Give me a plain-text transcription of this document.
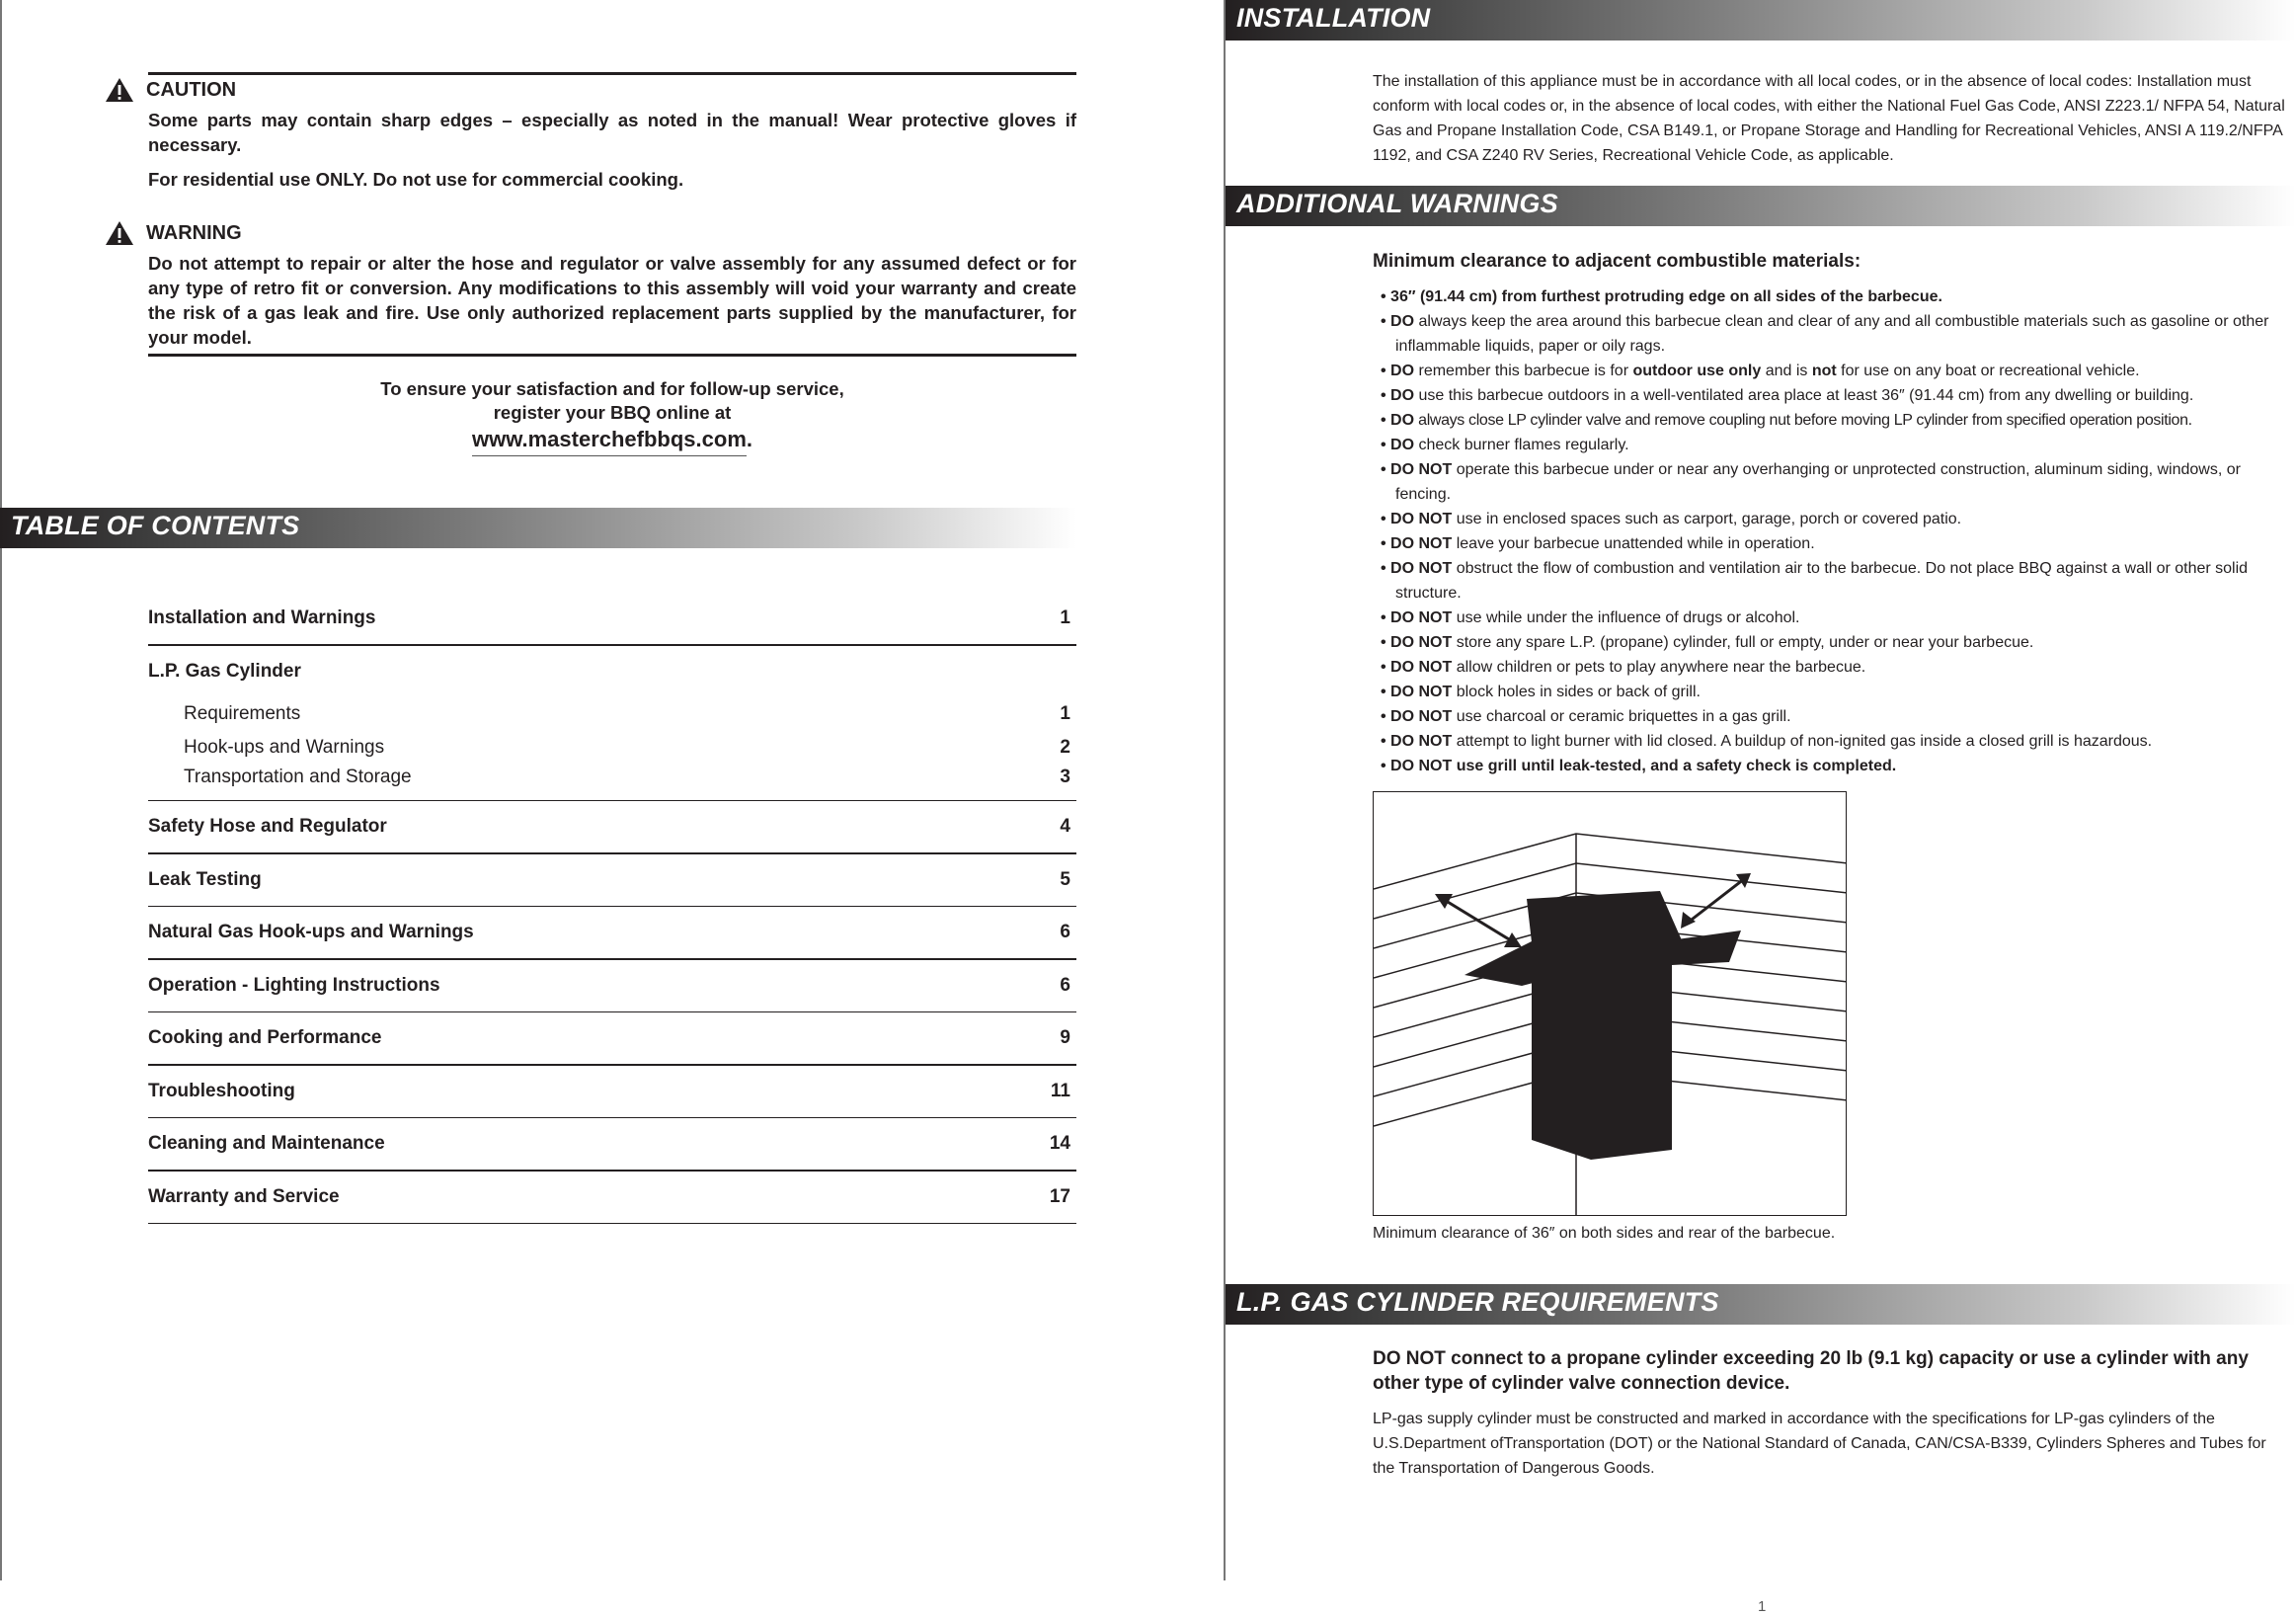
CAUTION
Some parts may contain sharp edges – especially as noted in the manual! Wear protective gloves if necessary.
For residential use ONLY. Do not use for commercial cooking.
WARNING
Do not attempt to repair or alter the hose and regulator or valve assembly for any assumed defect or for any type of retro fit or conversion. Any modifications to this assembly will void your warranty and create the risk of a gas leak and fire. Use only authorized replacement parts supplied by the manufacturer, for your model.
To ensure your satisfaction and for follow-up service,
register your BBQ online at
www.masterchefbbqs.com.
TABLE OF CONTENTS
Installation and Warnings	1
L.P. Gas Cylinder
Requirements	1
Hook-ups and Warnings	2
Transportation and Storage	3
Safety Hose and Regulator	4
Leak Testing	5
Natural Gas Hook-ups and Warnings	6
Operation - Lighting Instructions	6
Cooking and Performance	9
Troubleshooting	11
Cleaning and Maintenance	14
Warranty and Service	17
INSTALLATION
The installation of this appliance must be in accordance with all local codes, or in the absence of local codes: Installation must conform with local codes or, in the absence of local codes, with either the National Fuel Gas Code, ANSI Z223.1/ NFPA 54, Natural Gas and Propane Installation Code, CSA B149.1, or Propane Storage and Handling for Recreational Vehicles, ANSI A 119.2/NFPA 1192, and CSA Z240 RV Series, Recreational Vehicle Code, as applicable.
ADDITIONAL WARNINGS
Minimum clearance to adjacent combustible materials:
• 36″ (91.44 cm) from furthest protruding edge on all sides of the barbecue.
• DO always keep the area around this barbecue clean and clear of any and all combustible materials such as gasoline or other inflammable liquids, paper or oily rags.
• DO remember this barbecue is for outdoor use only and is not for use on any boat or recreational vehicle.
• DO use this barbecue outdoors in a well-ventilated area place at least 36″ (91.44 cm) from any dwelling or building.
• DO always close LP cylinder valve and remove coupling nut before moving LP cylinder from specified operation position.
• DO check burner flames regularly.
• DO NOT operate this barbecue under or near any overhanging or unprotected construction, aluminum siding, windows, or fencing.
• DO NOT use in enclosed spaces such as carport, garage, porch or covered patio.
• DO NOT leave your barbecue unattended while in operation.
• DO NOT obstruct the flow of combustion and ventilation air to the barbecue. Do not place BBQ against a wall or other solid structure.
• DO NOT use while under the influence of drugs or alcohol.
• DO NOT store any spare L.P. (propane) cylinder, full or empty, under or near your barbecue.
• DO NOT allow children or pets to play anywhere near the barbecue.
• DO NOT block holes in sides or back of grill.
• DO NOT use charcoal or ceramic briquettes in a gas grill.
• DO NOT attempt to light burner with lid closed. A buildup of non-ignited gas inside a closed grill is hazardous.
• DO NOT use grill until leak-tested, and a safety check is completed.
Minimum clearance of 36″ on both sides and rear of the barbecue.
L.P. GAS CYLINDER REQUIREMENTS
DO NOT connect to a propane cylinder exceeding 20 lb (9.1 kg) capacity or use a cylinder with any other type of cylinder valve connection device.
LP-gas supply cylinder must be constructed and marked in accordance with the specifications for LP-gas cylinders of the U.S.Department ofTransportation (DOT) or the National Standard of Canada, CAN/CSA-B339, Cylinders Spheres and Tubes for the Transportation of Dangerous Goods.
1
